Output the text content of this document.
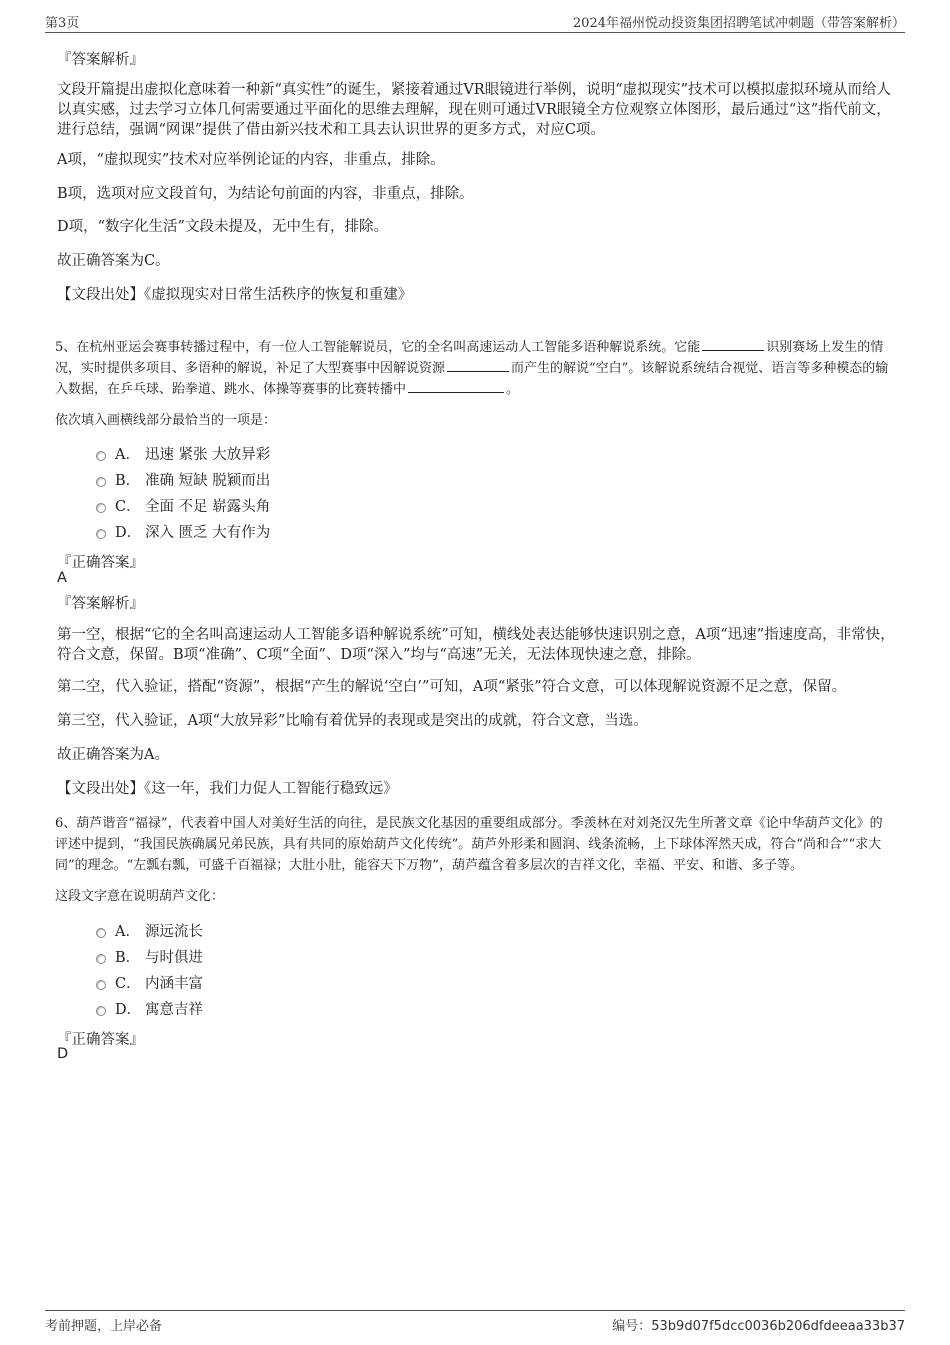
第3页	2024年福州悦动投资集团招聘笔试冲刺题（带答案解析）
『答案解析』
文段开篇提出虚拟化意味着一种新“真实性”的诞生，紧接着通过VR眼镜进行举例，说明“虚拟现实”技术可以模拟虚拟环境从而给人以真实感，过去学习立体几何需要通过平面化的思维去理解，现在则可通过VR眼镜全方位观察立体图形，最后通过“这”指代前文，进行总结，强调“网课”提供了借由新兴技术和工具去认识世界的更多方式，对应C项。
A项，“虚拟现实”技术对应举例论证的内容，非重点，排除。
B项，选项对应文段首句，为结论句前面的内容，非重点，排除。
D项，“数字化生活”文段未提及，无中生有，排除。
故正确答案为C。
【文段出处】《虚拟现实对日常生活秩序的恢复和重建》
5、在杭州亚运会赛事转播过程中，有一位人工智能解说员，它的全名叫高速运动人工智能多语种解说系统。它能	识别赛场上发生的情况，实时提供多项目、多语种的解说，补足了大型赛事中因解说资源	而产生的解说“空白”。该解说系统结合视觉、语言等多种模态的输入数据，在乒乓球、跆拳道、跳水、体操等赛事的比赛转播中	。
依次填入画横线部分最恰当的一项是：
A． 迅速 紧张 大放异彩
B． 准确 短缺 脱颖而出
C． 全面 不足 崭露头角
D． 深入 匮乏 大有作为
『正确答案』
A
『答案解析』
第一空，根据“它的全名叫高速运动人工智能多语种解说系统”可知，横线处表达能够快速识别之意，A项“迅速”指速度高，非常快，符合文意，保留。B项“准确”、C项“全面”、D项“深入”均与“高速”无关，无法体现快速之意，排除。
第二空，代入验证，搭配“资源”，根据“产生的解说‘空白’”可知，A项“紧张”符合文意，可以体现解说资源不足之意，保留。
第三空，代入验证，A项“大放异彩”比喻有着优异的表现或是突出的成就，符合文意，当选。
故正确答案为A。
【文段出处】《这一年，我们力促人工智能行稳致远》
6、葫芦谐音“福禄”，代表着中国人对美好生活的向往，是民族文化基因的重要组成部分。季羡林在对刘尧汉先生所著文章《论中华葫芦文化》的评述中提到，“我国民族确属兄弟民族，具有共同的原始葫芦文化传统”。葫芦外形柔和圆润、线条流畅，上下球体浑然天成，符合“尚和合”“求大同”的理念。“左瓢右瓢，可盛千百福禄；大肚小肚，能容天下万物”，葫芦蕴含着多层次的吉祥文化，幸福、平安、和谐、多子等。
这段文字意在说明葫芦文化：
A． 源远流长
B． 与时俱进
C． 内涵丰富
D． 寓意吉祥
『正确答案』
D
考前押题，上岸必备	编号：53b9d07f5dcc0036b206dfdeeaa33b37
